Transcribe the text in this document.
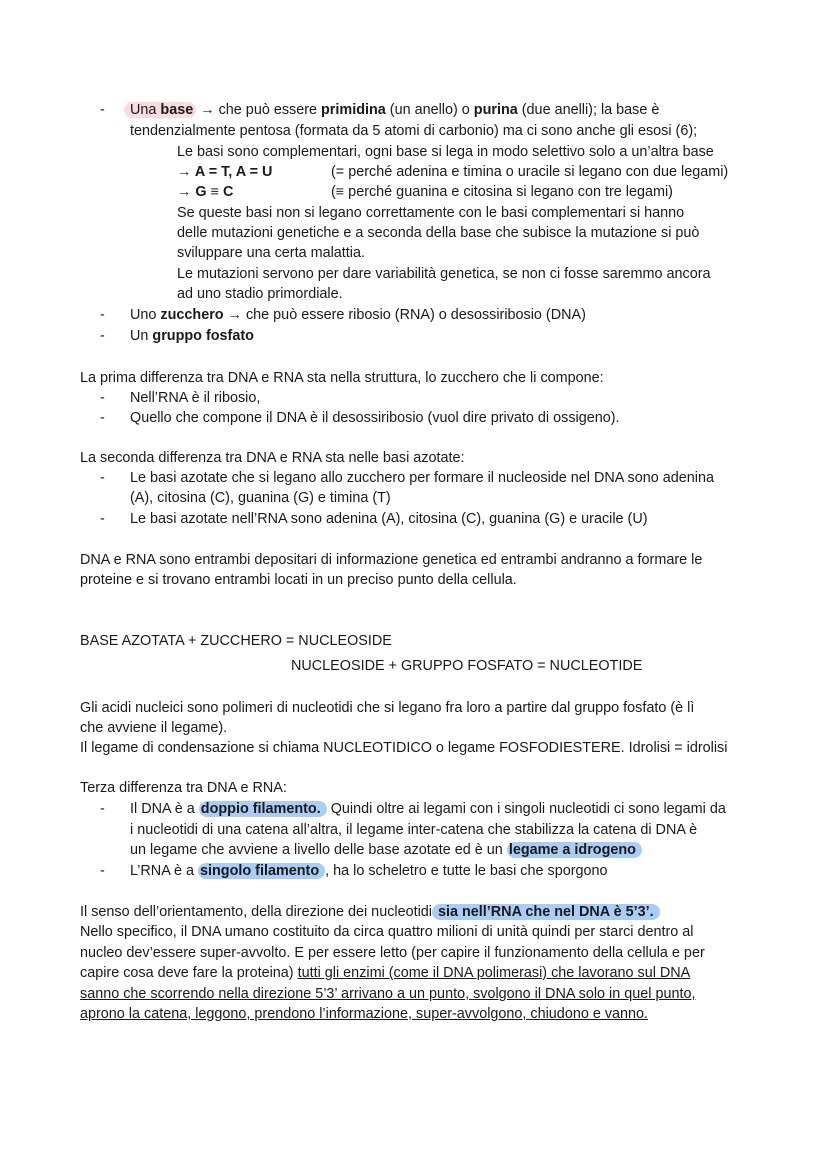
- Una base → che può essere primidina (un anello) o purina (due anelli); la base è
tendenzialmente pentosa (formata da 5 atomi di carbonio) ma ci sono anche gli esosi (6);
Le basi sono complementari, ogni base si lega in modo selettivo solo a un’altra base
→ A = T, A = U	(= perché adenina e timina o uracile si legano con due legami)
→ G ≡ C	(≡ perché guanina e citosina si legano con tre legami)
Se queste basi non si legano correttamente con le basi complementari si hanno
delle mutazioni genetiche e a seconda della base che subisce la mutazione si può
sviluppare una certa malattia.
Le mutazioni servono per dare variabilità genetica, se non ci fosse saremmo ancora
ad uno stadio primordiale.
- Uno zucchero → che può essere ribosio (RNA) o desossiribosio (DNA)
- Un gruppo fosfato
La prima differenza tra DNA e RNA sta nella struttura, lo zucchero che li compone:
- Nell’RNA è il ribosio,
- Quello che compone il DNA è il desossiribosio (vuol dire privato di ossigeno).
La seconda differenza tra DNA e RNA sta nelle basi azotate:
- Le basi azotate che si legano allo zucchero per formare il nucleoside nel DNA sono adenina
(A), citosina (C), guanina (G) e timina (T)
- Le basi azotate nell’RNA sono adenina (A), citosina (C), guanina (G) e uracile (U)
DNA e RNA sono entrambi depositari di informazione genetica ed entrambi andranno a formare le
proteine e si trovano entrambi locati in un preciso punto della cellula.
BASE AZOTATA + ZUCCHERO = NUCLEOSIDE
NUCLEOSIDE + GRUPPO FOSFATO = NUCLEOTIDE
Gli acidi nucleici sono polimeri di nucleotidi che si legano fra loro a partire dal gruppo fosfato (è lì
che avviene il legame).
Il legame di condensazione si chiama NUCLEOTIDICO o legame FOSFODIESTERE. Idrolisi = idrolisi
Terza differenza tra DNA e RNA:
- Il DNA è a doppio filamento. Quindi oltre ai legami con i singoli nucleotidi ci sono legami da
i nucleotidi di una catena all’altra, il legame inter-catena che stabilizza la catena di DNA è
un legame che avviene a livello delle base azotate ed è un legame a idrogeno
- L’RNA è a singolo filamento , ha lo scheletro e tutte le basi che sporgono
Il senso dell’orientamento, della direzione dei nucleotidi sia nell’RNA che nel DNA è 5’3’.
Nello specifico, il DNA umano costituito da circa quattro milioni di unità quindi per starci dentro al
nucleo dev’essere super-avvolto. E per essere letto (per capire il funzionamento della cellula e per
capire cosa deve fare la proteina) tutti gli enzimi (come il DNA polimerasi) che lavorano sul DNA
sanno che scorrendo nella direzione 5’3’ arrivano a un punto, svolgono il DNA solo in quel punto,
aprono la catena, leggono, prendono l’informazione, super-avvolgono, chiudono e vanno.
